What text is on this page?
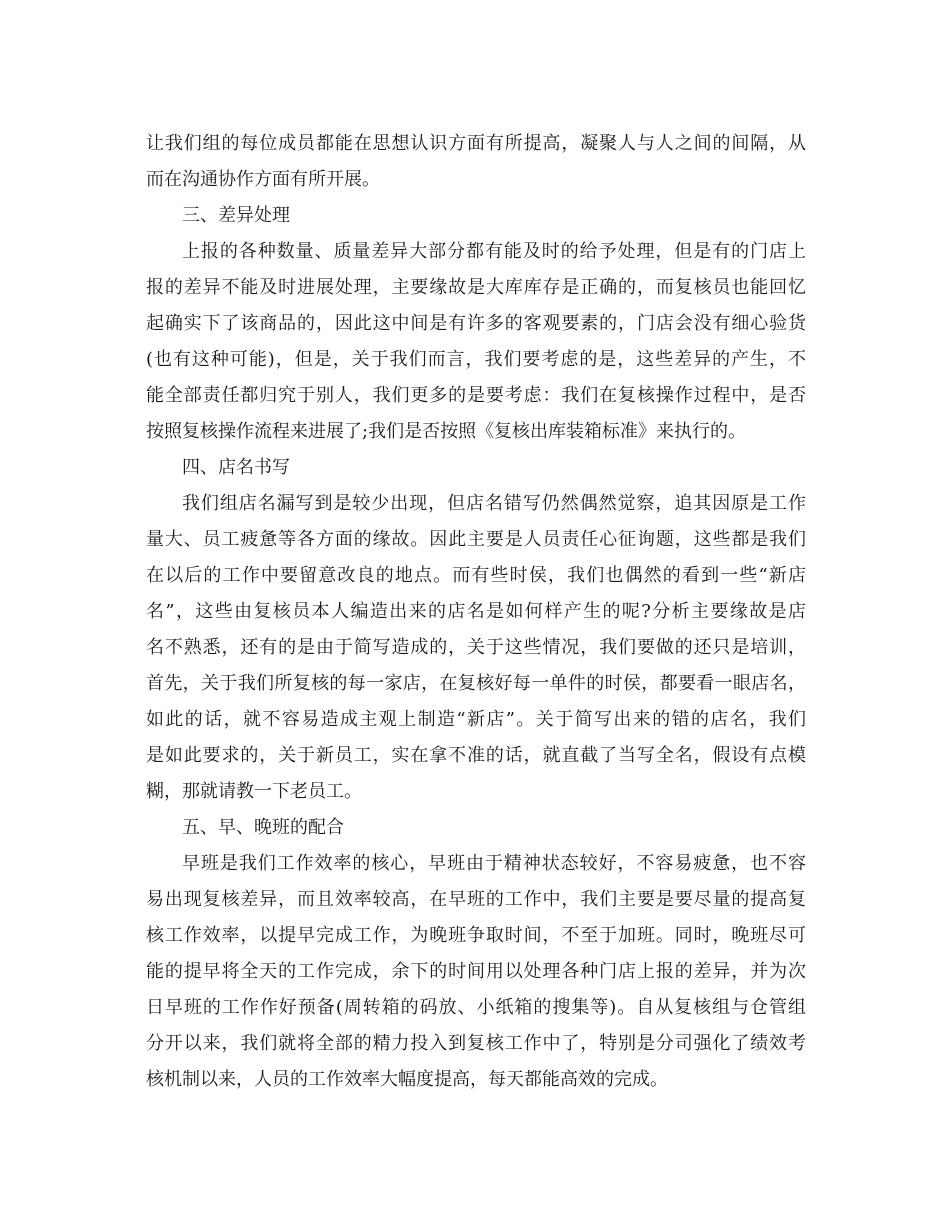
让我们组的每位成员都能在思想认识方面有所提高，凝聚人与人之间的间隔，从
而在沟通协作方面有所开展。
三、差异处理
上报的各种数量、质量差异大部分都有能及时的给予处理，但是有的门店上
报的差异不能及时进展处理，主要缘故是大库库存是正确的，而复核员也能回忆
起确实下了该商品的，因此这中间是有许多的客观要素的，门店会没有细心验货
(也有这种可能)，但是，关于我们而言，我们要考虑的是，这些差异的产生，不
能全部责任都归究于别人，我们更多的是要考虑：我们在复核操作过程中，是否
按照复核操作流程来进展了;我们是否按照《复核出库装箱标准》来执行的。
四、店名书写
我们组店名漏写到是较少出现，但店名错写仍然偶然觉察，追其因原是工作
量大、员工疲惫等各方面的缘故。因此主要是人员责任心征询题，这些都是我们
在以后的工作中要留意改良的地点。而有些时侯，我们也偶然的看到一些“新店
名”，这些由复核员本人编造出来的店名是如何样产生的呢?分析主要缘故是店
名不熟悉，还有的是由于简写造成的，关于这些情况，我们要做的还只是培训，
首先，关于我们所复核的每一家店，在复核好每一单件的时侯，都要看一眼店名，
如此的话，就不容易造成主观上制造“新店”。关于简写出来的错的店名，我们
是如此要求的，关于新员工，实在拿不准的话，就直截了当写全名，假设有点模
糊，那就请教一下老员工。
五、早、晚班的配合
早班是我们工作效率的核心，早班由于精神状态较好，不容易疲惫，也不容
易出现复核差异，而且效率较高，在早班的工作中，我们主要是要尽量的提高复
核工作效率，以提早完成工作，为晚班争取时间，不至于加班。同时，晚班尽可
能的提早将全天的工作完成，余下的时间用以处理各种门店上报的差异，并为次
日早班的工作作好预备(周转箱的码放、小纸箱的搜集等)。自从复核组与仓管组
分开以来，我们就将全部的精力投入到复核工作中了，特别是分司强化了绩效考
核机制以来，人员的工作效率大幅度提高，每天都能高效的完成。
